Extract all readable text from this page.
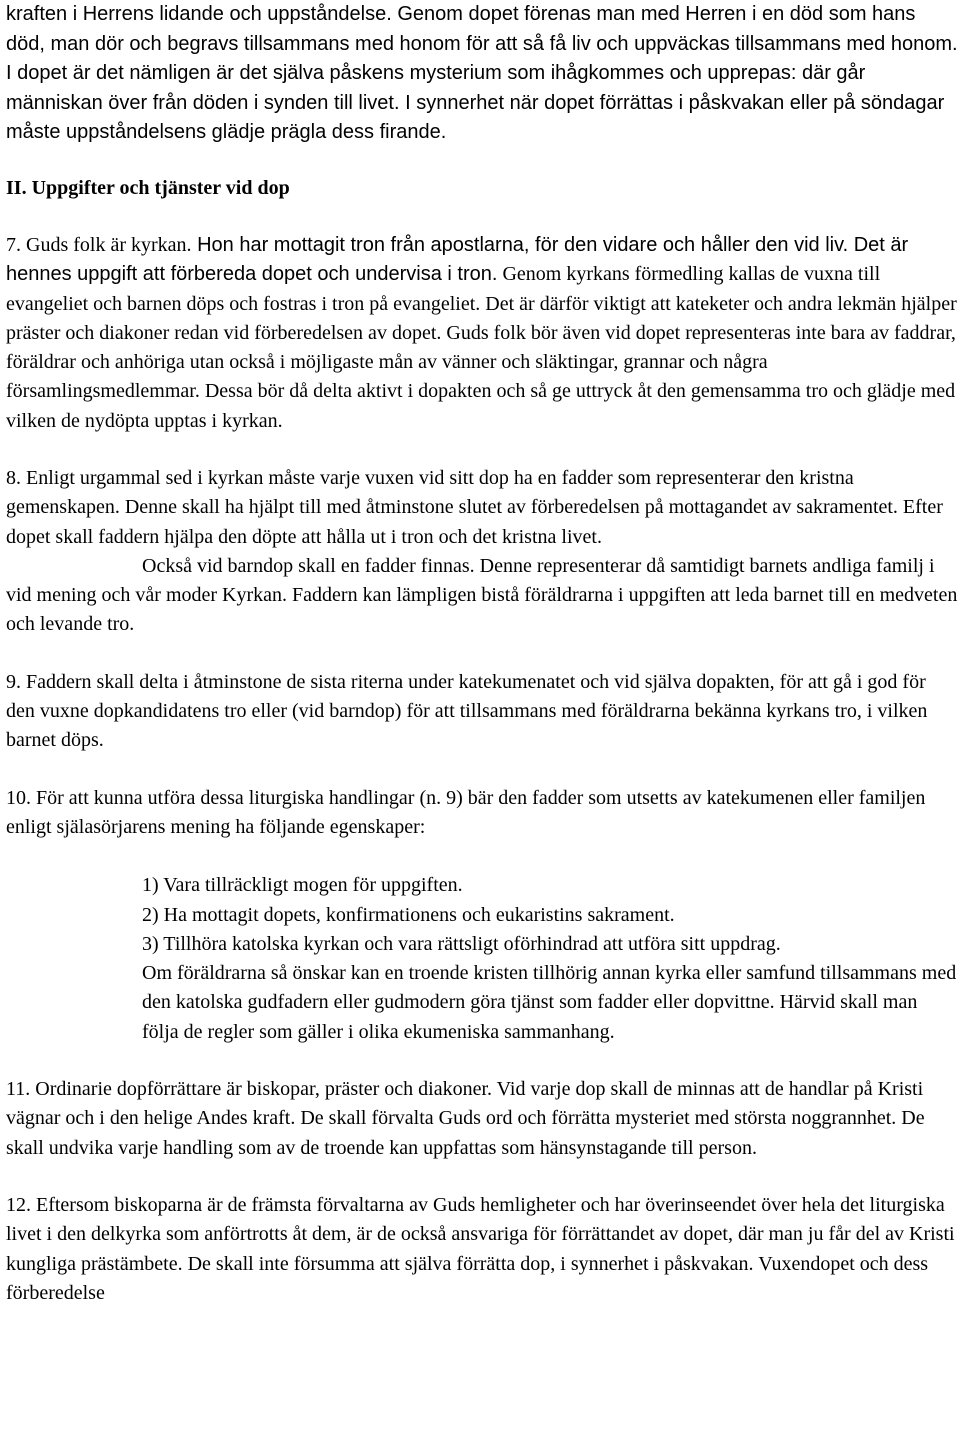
kraften i Herrens lidande och uppståndelse. Genom dopet förenas man med Herren i en död som hans död, man dör och begravs tillsammans med honom för att så få liv och uppväckas tillsammans med honom. I dopet är det nämligen är det själva påskens mysterium som ihågkommes och upprepas: där går människan över från döden i synden till livet. I synnerhet när dopet förrättas i påskvakan eller på söndagar måste uppståndelsens glädje prägla dess firande.

II. Uppgifter och tjänster vid dop

7. Guds folk är kyrkan. Hon har mottagit tron från apostlarna, för den vidare och håller den vid liv. Det är hennes uppgift att förbereda dopet och undervisa i tron. Genom kyrkans förmedling kallas de vuxna till evangeliet och barnen döps och fostras i tron på evangeliet. Det är därför viktigt att kateketer och andra lekmän hjälper präster och diakoner redan vid förberedelsen av dopet. Guds folk bör även vid dopet representeras inte bara av faddrar, föräldrar och anhöriga utan också i möjligaste mån av vänner och släktingar, grannar och några församlingsmedlemmar. Dessa bör då delta aktivt i dopakten och så ge uttryck åt den gemensamma tro och glädje med vilken de nydöpta upptas i kyrkan.

8. Enligt urgammal sed i kyrkan måste varje vuxen vid sitt dop ha en fadder som representerar den kristna gemenskapen. Denne skall ha hjälpt till med åtminstone slutet av förberedelsen på mottagandet av sakramentet. Efter dopet skall faddern hjälpa den döpte att hålla ut i tron och det kristna livet.

Också vid barndop skall en fadder finnas. Denne representerar då samtidigt barnets andliga familj i vid mening och vår moder Kyrkan. Faddern kan lämpligen bistå föräldrarna i uppgiften att leda barnet till en medveten och levande tro.

9. Faddern skall delta i åtminstone de sista riterna under katekumenatet och vid själva dopakten, för att gå i god för den vuxne dopkandidatens tro eller (vid barndop) för att tillsammans med föräldrarna bekänna kyrkans tro, i vilken barnet döps.

10. För att kunna utföra dessa liturgiska handlingar (n. 9) bär den fadder som utsetts av katekumenen eller familjen enligt själasörjarens mening ha följande egenskaper:

1) Vara tillräckligt mogen för uppgiften.
2) Ha mottagit dopets, konfirmationens och eukaristins sakrament.
3) Tillhöra katolska kyrkan och vara rättsligt oförhindrad att utföra sitt uppdrag.
Om föräldrarna så önskar kan en troende kristen tillhörig annan kyrka eller samfund tillsammans med den katolska gudfadern eller gudmodern göra tjänst som fadder eller dopvittne. Härvid skall man följa de regler som gäller i olika ekumeniska sammanhang.

11. Ordinarie dopförrättare är biskopar, präster och diakoner. Vid varje dop skall de minnas att de handlar på Kristi vägnar och i den helige Andes kraft. De skall förvalta Guds ord och förrätta mysteriet med största noggrannhet. De skall undvika varje handling som av de troende kan uppfattas som hänsynstagande till person.

12. Eftersom biskoparna är de främsta förvaltarna av Guds hemligheter och har överinseendet över hela det liturgiska livet i den delkyrka som anförtrotts åt dem, är de också ansvariga för förrättandet av dopet, där man ju får del av Kristi kungliga prästämbete. De skall inte försumma att själva förrätta dop, i synnerhet i påskvakan. Vuxendopet och dess förberedelse
